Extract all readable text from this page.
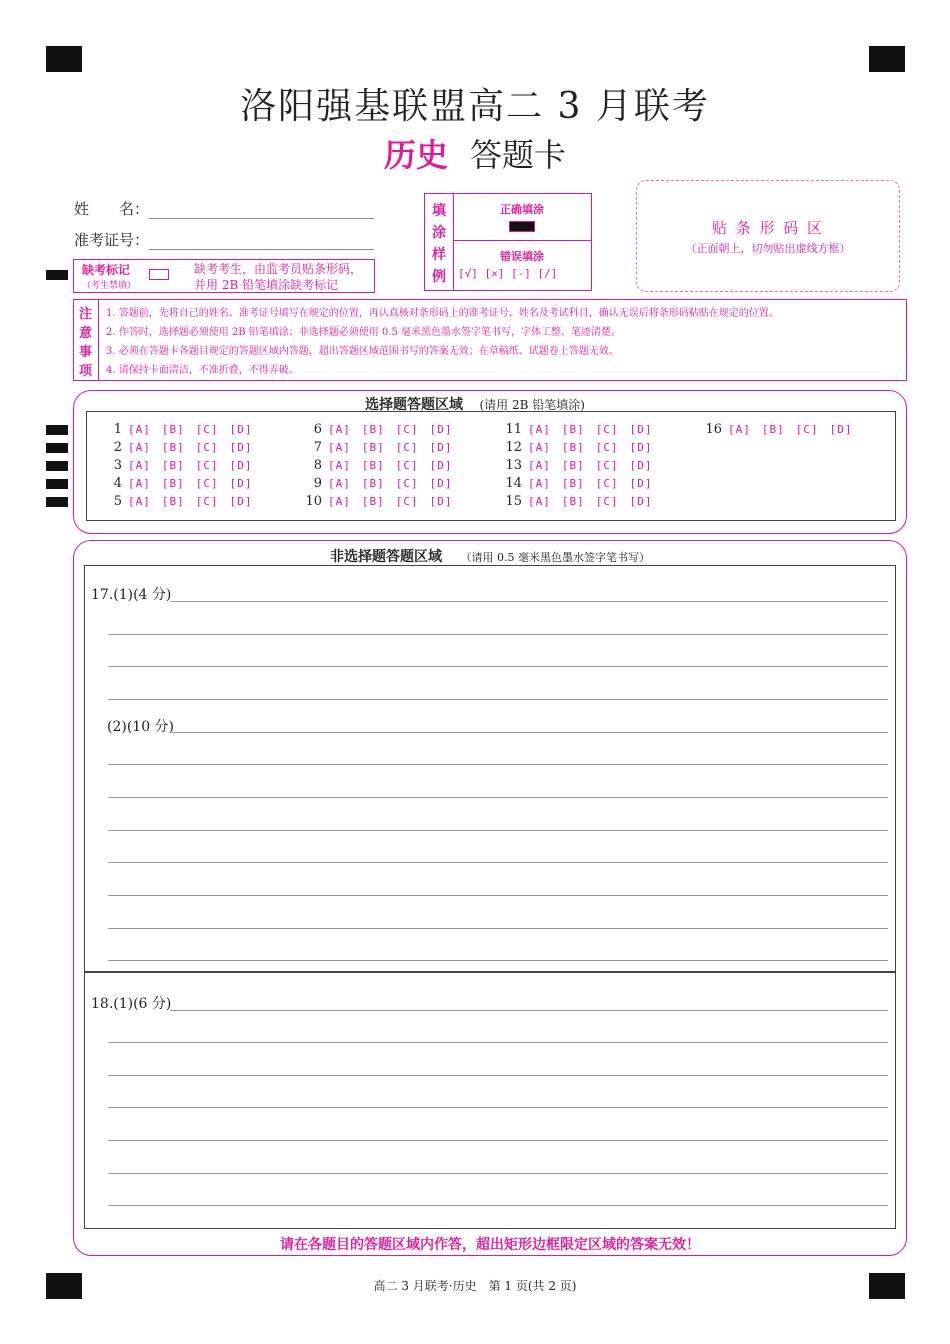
洛阳强基联盟高二 3 月联考
历史 答题卡
姓　　名：
准考证号：
缺考标记
（考生禁填）
缺考考生，由监考员贴条形码，
并用 2B 铅笔填涂缺考标记
填
涂
样
例
正确填涂
错误填涂
[√] [×] [-] [/]
贴 条 形 码 区
（正面朝上，切勿贴出虚线方框）
注
意
事
项
1. 答题前，先将自己的姓名、准考证号填写在规定的位置，再认真核对条形码上的准考证号、姓名及考试科目，确认无误后将条形码粘贴在规定的位置。
2. 作答时，选择题必须使用 2B 铅笔填涂；非选择题必须使用 0.5 毫米黑色墨水签字笔书写，字体工整、笔迹清楚。
3. 必须在答题卡各题目规定的答题区域内答题，超出答题区域范围书写的答案无效；在草稿纸、试题卷上答题无效。
4. 请保持卡面清洁，不准折叠，不得弄破。
选择题答题区域 (请用 2B 铅笔填涂)
1 [A] [B] [C] [D]
2 [A] [B] [C] [D]
3 [A] [B] [C] [D]
4 [A] [B] [C] [D]
5 [A] [B] [C] [D]
6 [A] [B] [C] [D]
7 [A] [B] [C] [D]
8 [A] [B] [C] [D]
9 [A] [B] [C] [D]
10 [A] [B] [C] [D]
11 [A] [B] [C] [D]
12 [A] [B] [C] [D]
13 [A] [B] [C] [D]
14 [A] [B] [C] [D]
15 [A] [B] [C] [D]
16 [A] [B] [C] [D]
非选择题答题区域 （请用 0.5 毫米黑色墨水签字笔书写）
17.(1)(4 分)
(2)(10 分)
18.(1)(6 分)
请在各题目的答题区域内作答，超出矩形边框限定区域的答案无效！
高二 3 月联考·历史　第 1 页(共 2 页)
